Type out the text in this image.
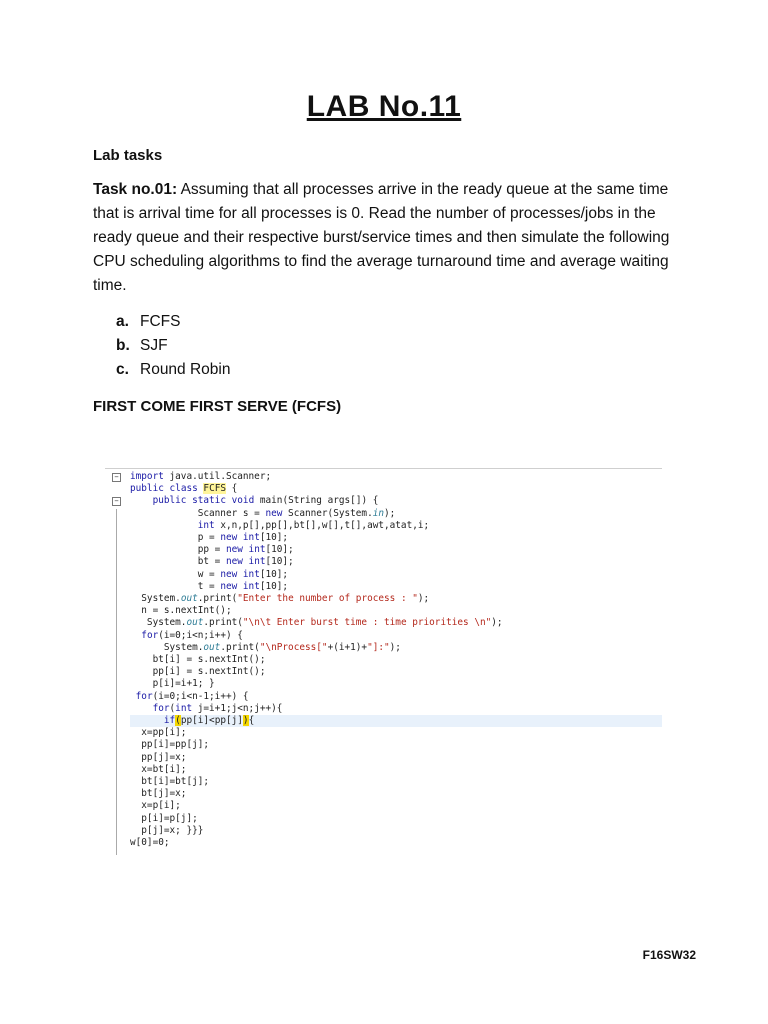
LAB No.11
Lab tasks
Task no.01: Assuming that all processes arrive in the ready queue at the same time that is arrival time for all processes is 0. Read the number of processes/jobs in the ready queue and their respective burst/service times and then simulate the following CPU scheduling algorithms to find the average turnaround time and average waiting time.
a. FCFS
b. SJF
c. Round Robin
FIRST COME FIRST SERVE (FCFS)
−
−
import java.util.Scanner;
public class FCFS {
public static void main(String args[]) {
Scanner s = new Scanner(System.in);
int x,n,p[],pp[],bt[],w[],t[],awt,atat,i;
p = new int[10];
pp = new int[10];
bt = new int[10];
w = new int[10];
t = new int[10];
System.out.print("Enter the number of process : ");
n = s.nextInt();
System.out.print("\n\t Enter burst time : time priorities \n");
for(i=0;i<n;i++) {
System.out.print("\nProcess["+(i+1)+"]:");
bt[i] = s.nextInt();
pp[i] = s.nextInt();
p[i]=i+1; }
for(i=0;i<n-1;i++) {
for(int j=i+1;j<n;j++){
if(pp[i]<pp[j]){
x=pp[i];
pp[i]=pp[j];
pp[j]=x;
x=bt[i];
bt[i]=bt[j];
bt[j]=x;
x=p[i];
p[i]=p[j];
p[j]=x; }}}
w[0]=0;

F16SW32
